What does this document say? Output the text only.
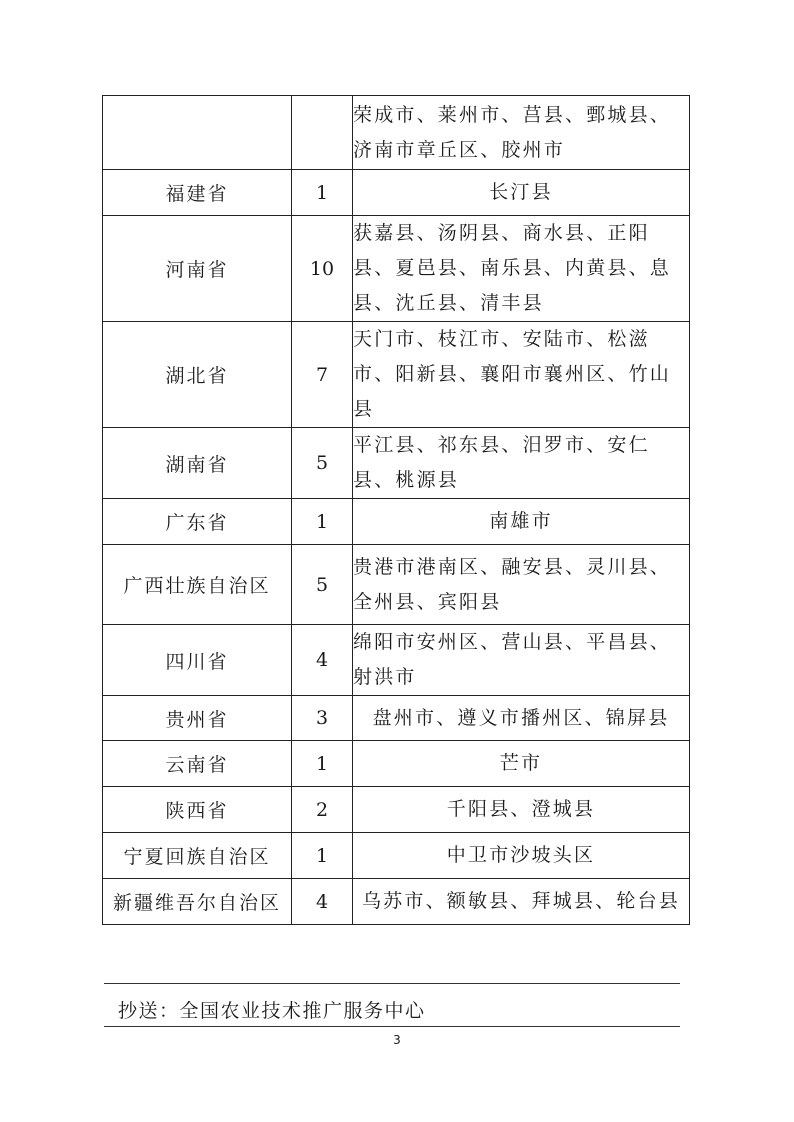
		荣成市、莱州市、莒县、鄄城县、济南市章丘区、胶州市
福建省	1	长汀县
河南省	10	获嘉县、汤阴县、商水县、正阳县、夏邑县、南乐县、内黄县、息县、沈丘县、清丰县
湖北省	7	天门市、枝江市、安陆市、松滋市、阳新县、襄阳市襄州区、竹山县
湖南省	5	平江县、祁东县、汨罗市、安仁县、桃源县
广东省	1	南雄市
广西壮族自治区	5	贵港市港南区、融安县、灵川县、全州县、宾阳县
四川省	4	绵阳市安州区、营山县、平昌县、射洪市
贵州省	3	盘州市、遵义市播州区、锦屏县
云南省	1	芒市
陕西省	2	千阳县、澄城县
宁夏回族自治区	1	中卫市沙坡头区
新疆维吾尔自治区	4	乌苏市、额敏县、拜城县、轮台县
抄送：全国农业技术推广服务中心
3
